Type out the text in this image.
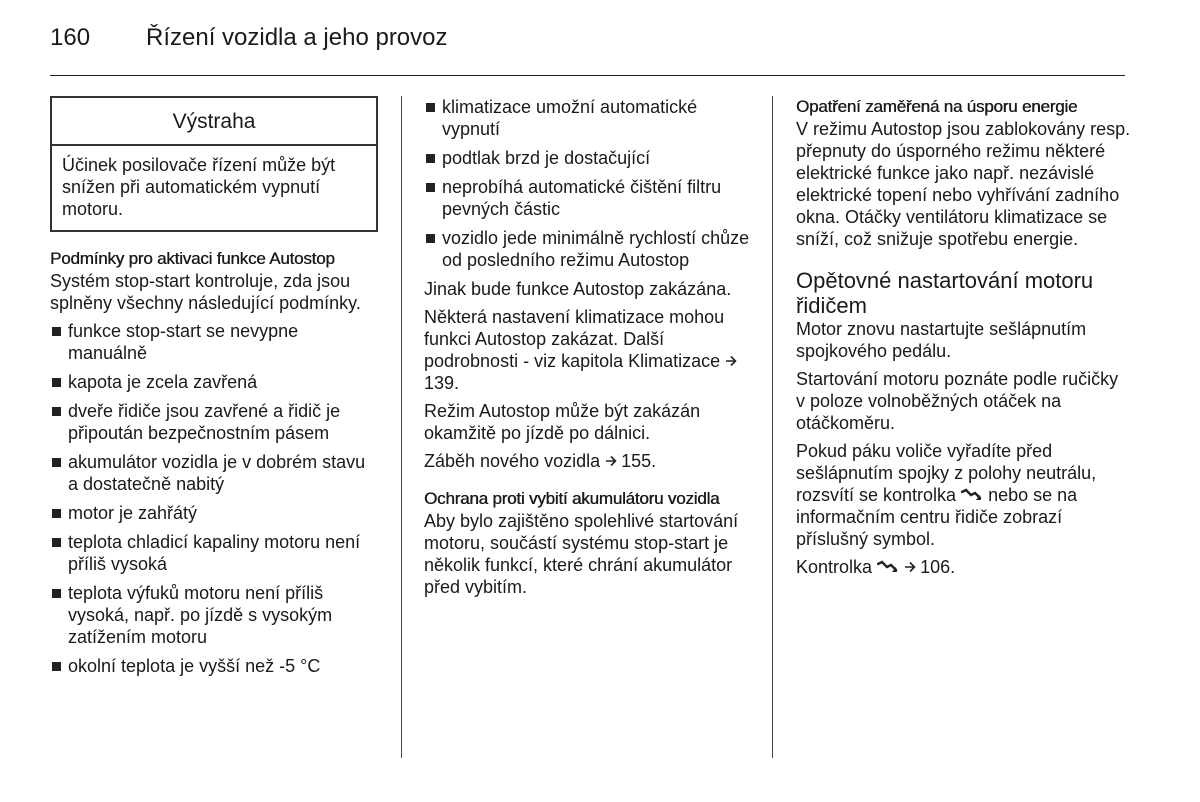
160	Řízení vozidla a jeho provoz
Výstraha
Účinek posilovače řízení může být snížen při automatickém vypnutí motoru.
Podmínky pro aktivaci funkce Autostop

Systém stop-start kontroluje, zda jsou splněny všechny následující podmínky.

funkce stop-start se nevypne manuálně
kapota je zcela zavřená
dveře řidiče jsou zavřené a řidič je připoután bezpečnostním pásem
akumulátor vozidla je v dobrém stavu a dostatečně nabitý
motor je zahřátý
teplota chladicí kapaliny motoru není příliš vysoká
teplota výfuků motoru není příliš vysoká, např. po jízdě s vysokým zatížením motoru
okolní teplota je vyšší než -5 °C
klimatizace umožní automatické vypnutí
podtlak brzd je dostačující
neprobíhá automatické čištění filtru pevných částic
vozidlo jede minimálně rychlostí chůze od posledního režimu Autostop

Jinak bude funkce Autostop zakázána.

Některá nastavení klimatizace mohou funkci Autostop zakázat. Další podrobnosti - viz kapitola Klimatizace 139.

Režim Autostop může být zakázán okamžitě po jízdě po dálnici.

Záběh nového vozidla 155.

Ochrana proti vybití akumulátoru vozidla

Aby bylo zajištěno spolehlivé startování motoru, součástí systému stop-start je několik funkcí, které chrání akumulátor před vybitím.

Opatření zaměřená na úsporu energie

V režimu Autostop jsou zablokovány resp. přepnuty do úsporného režimu některé elektrické funkce jako např. nezávislé elektrické topení nebo vyhřívání zadního okna. Otáčky ventilátoru klimatizace se sníží, což snižuje spotřebu energie.

Opětovné nastartování motoru řidičem

Motor znovu nastartujte sešlápnutím spojkového pedálu.

Startování motoru poznáte podle ručičky v poloze volnoběžných otáček na otáčkoměru.

Pokud páku voliče vyřadíte před sešlápnutím spojky z polohy neutrálu, rozsvítí se kontrolka nebo se na informačním centru řidiče zobrazí příslušný symbol.

Kontrolka	106.
